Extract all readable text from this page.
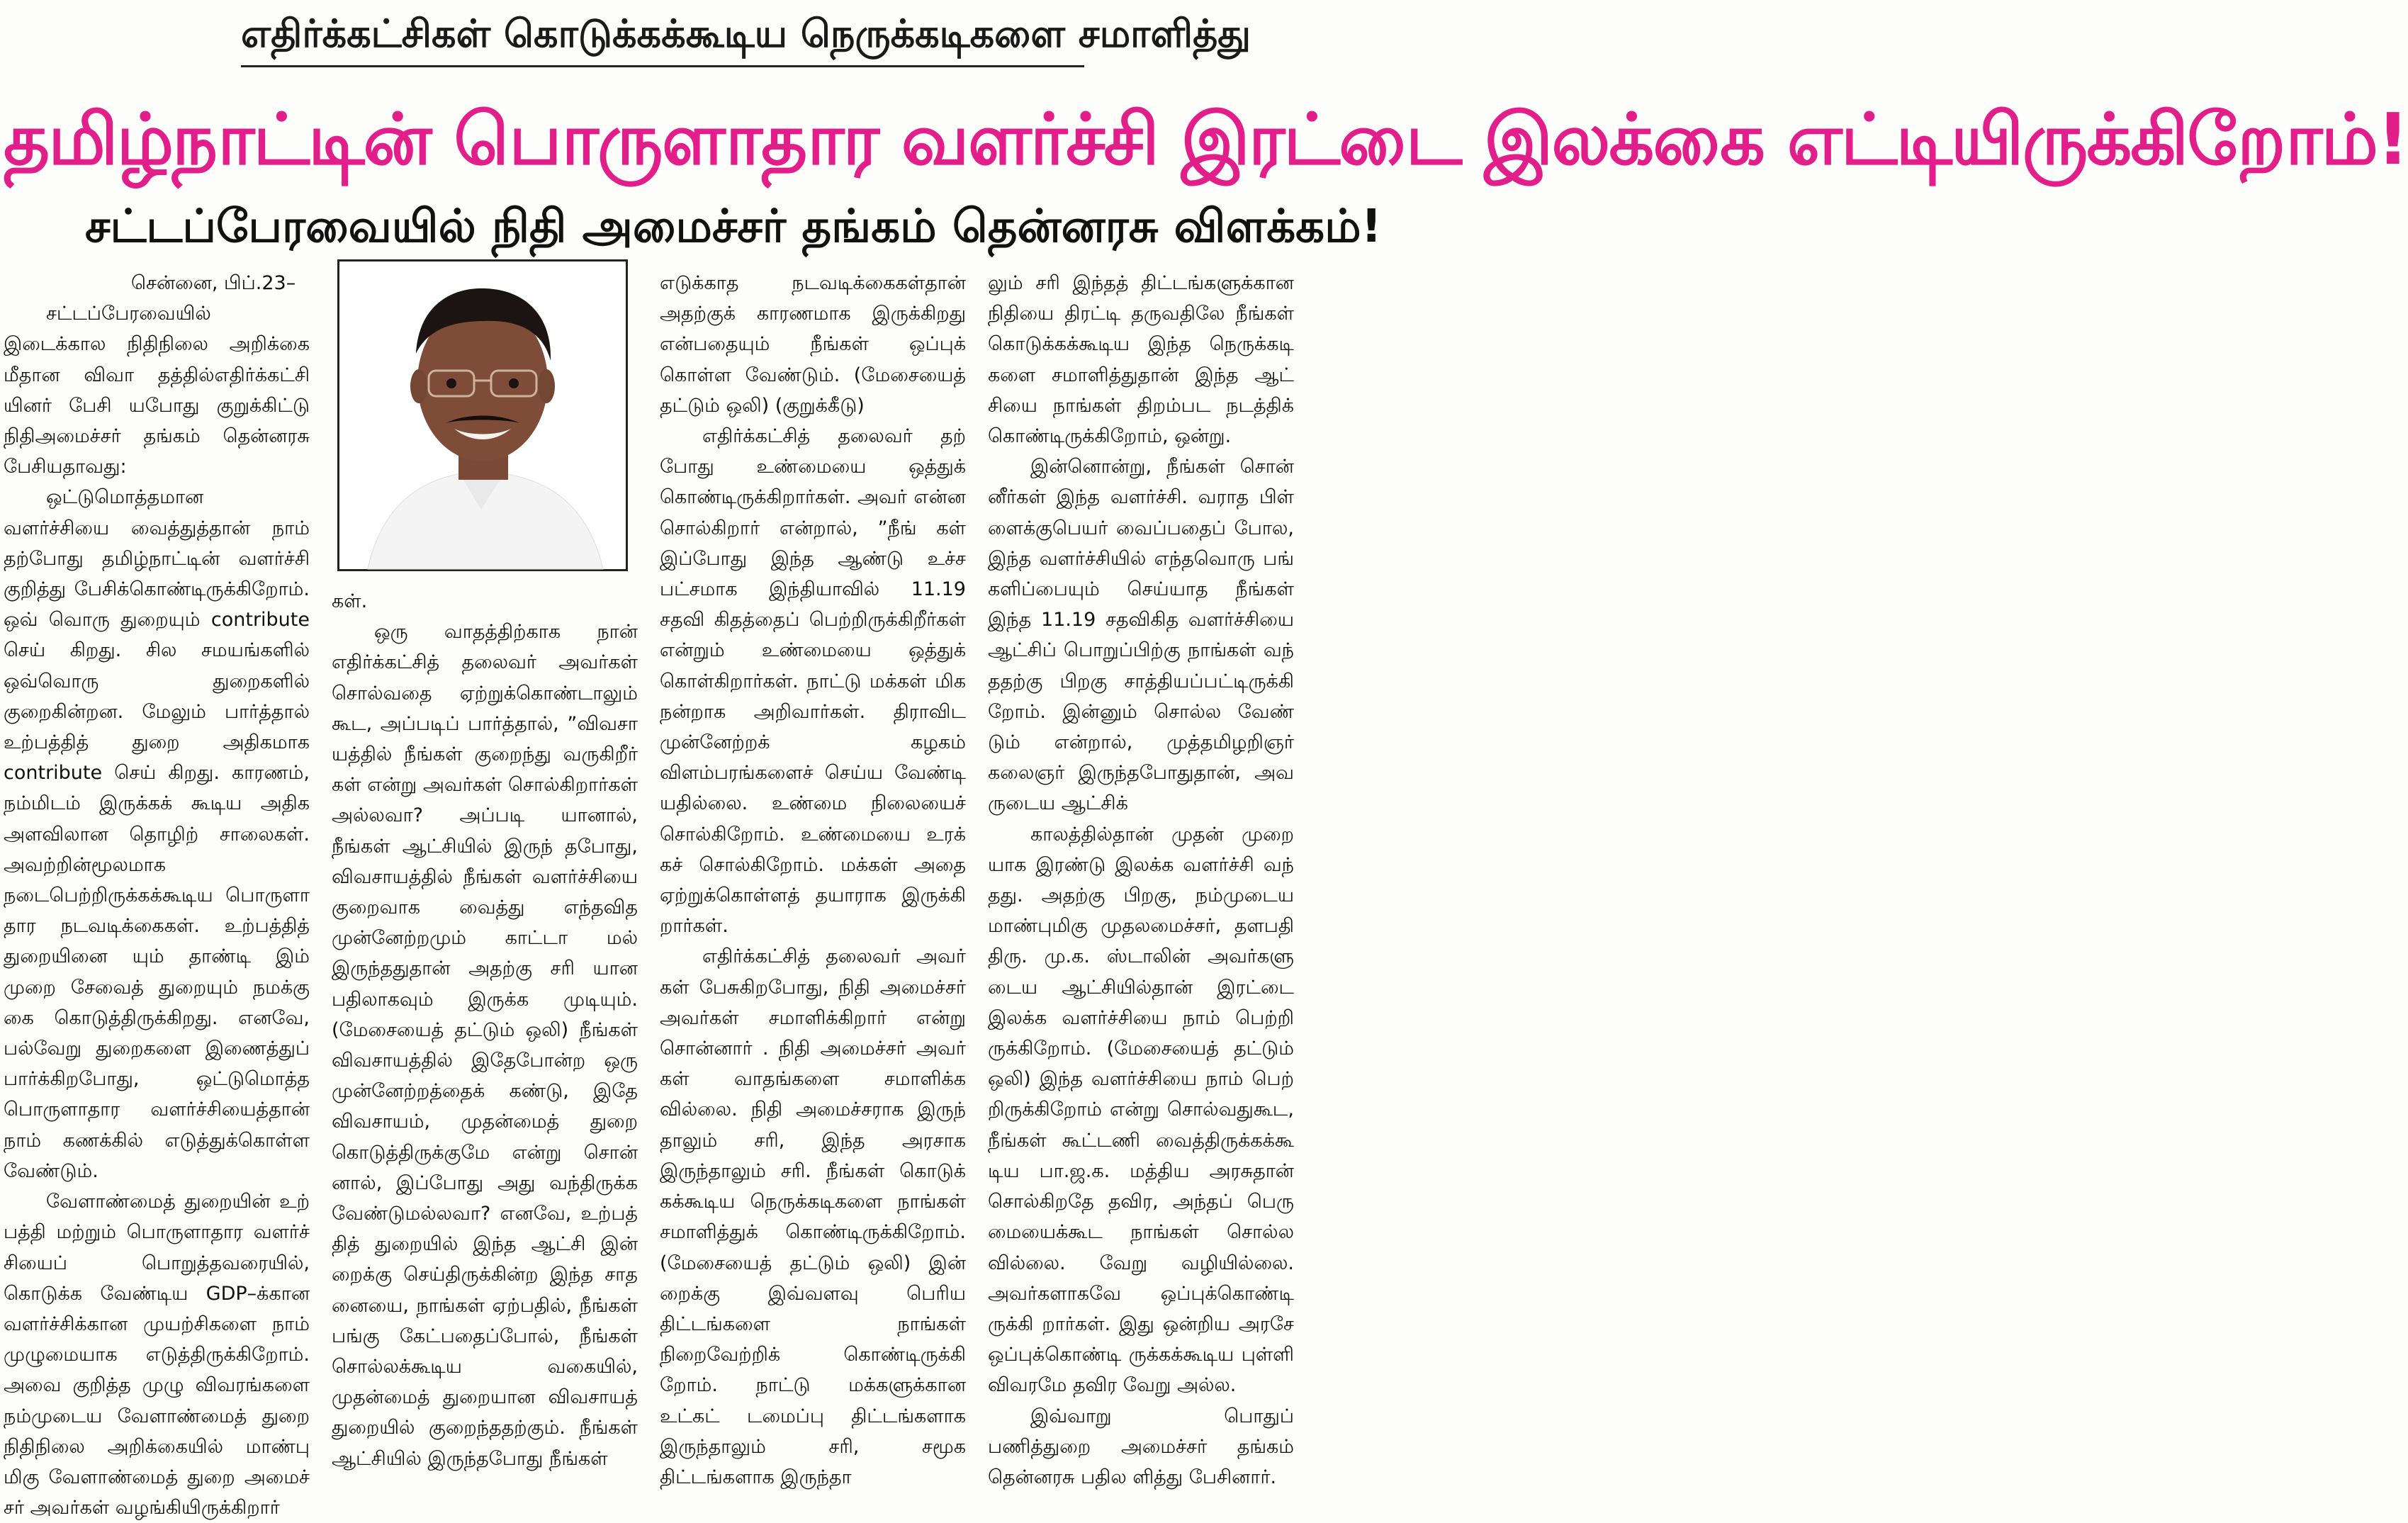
எதிர்க்கட்சிகள் கொடுக்கக்கூடிய நெருக்கடிகளை சமாளித்து
தமிழ்நாட்டின் பொருளாதார வளர்ச்சி இரட்டை இலக்கை எட்டியிருக்கிறோம்!
சட்டப்பேரவையில் நிதி அமைச்சர் தங்கம் தென்னரசு விளக்கம்!

சென்னை, பிப்.23–

சட்டப்பேரவையில் இடைக்கால நிதிநிலை அறிக்கை மீதான விவா தத்தில்எதிர்க்கட்சி யினர் பேசி யபோது குறுக்கிட்டு நிதிஅமைச்சர் தங்கம் தென்னரசு பேசியதாவது:

ஒட்டுமொத்தமான வளர்ச்சியை வைத்துத்தான் நாம் தற்போது தமிழ்நாட்டின் வளர்ச்சி குறித்து பேசிக்கொண்டிருக்கிறோம். ஒவ் வொரு துறையும் contribute செய் கிறது. சில சமயங்களில் ஒவ்வொரு துறைகளில் குறைகின்றன. மேலும் பார்த்தால் உற்பத்தித் துறை அதிகமாக contribute செய் கிறது. காரணம், நம்மிடம் இருக்கக் கூடிய அதிக அளவிலான தொழிற் சாலைகள். அவற்றின்மூலமாக நடைபெற்றிருக்கக்கூடிய பொருளா தார நடவடிக்கைகள். உற்பத்தித் துறையினை யும் தாண்டி இம் முறை சேவைத் துறையும் நமக்கு கை கொடுத்திருக்கிறது. எனவே, பல்வேறு துறைகளை இணைத்துப் பார்க்கிறபோது, ஒட்டுமொத்த பொருளாதார வளர்ச்சியைத்தான் நாம் கணக்கில் எடுத்துக்கொள்ள வேண்டும்.

வேளாண்மைத் துறையின் உற் பத்தி மற்றும் பொருளாதார வளர்ச் சியைப் பொறுத்தவரையில், கொடுக்க வேண்டிய GDP–க்கான வளர்ச்சிக்கான முயற்சிகளை நாம் முழுமையாக எடுத்திருக்கிறோம். அவை குறித்த முழு விவரங்களை நம்முடைய வேளாண்மைத் துறை நிதிநிலை அறிக்கையில் மாண்பு மிகு வேளாண்மைத் துறை அமைச் சர் அவர்கள் வழங்கியிருக்கிறார்

கள்.

ஒரு வாதத்திற்காக நான் எதிர்க்கட்சித் தலைவர் அவர்கள் சொல்வதை ஏற்றுக்கொண்டாலும் கூட, அப்படிப் பார்த்தால், ”விவசா யத்தில் நீங்கள் குறைந்து வருகிறீர் கள் என்று அவர்கள் சொல்கிறார்கள் அல்லவா? அப்படி யானால், நீங்கள் ஆட்சியில் இருந் தபோது, விவசாயத்தில் நீங்கள் வளர்ச்சியை குறைவாக வைத்து எந்தவித முன்னேற்றமும் காட்டா மல் இருந்ததுதான் அதற்கு சரி யான பதிலாகவும் இருக்க முடியும். (மேசையைத் தட்டும் ஒலி) நீங்கள் விவசாயத்தில் இதேபோன்ற ஒரு முன்னேற்றத்தைக் கண்டு, இதே விவசாயம், முதன்மைத் துறை கொடுத்திருக்குமே என்று சொன் னால், இப்போது அது வந்திருக்க வேண்டுமல்லவா? எனவே, உற்பத் தித் துறையில் இந்த ஆட்சி இன் றைக்கு செய்திருக்கின்ற இந்த சாத னையை, நாங்கள் ஏற்பதில், நீங்கள் பங்கு கேட்பதைப்போல், நீங்கள் சொல்லக்கூடிய வகையில், முதன்மைத் துறையான விவசாயத் துறையில் குறைந்ததற்கும். நீங்கள் ஆட்சியில் இருந்தபோது நீங்கள்

எடுக்காத நடவடிக்கைகள்தான் அதற்குக் காரணமாக இருக்கிறது என்பதையும் நீங்கள் ஒப்புக் கொள்ள வேண்டும். (மேசையைத் தட்டும் ஒலி) (குறுக்கீடு)

எதிர்க்கட்சித் தலைவர் தற் போது உண்மையை ஒத்துக் கொண்டிருக்கிறார்கள். அவர் என்ன சொல்கிறார் என்றால், ”நீங் கள் இப்போது இந்த ஆண்டு உச்ச பட்சமாக இந்தியாவில் 11.19 சதவி கிதத்தைப் பெற்றிருக்கிறீர்கள் என்றும் உண்மையை ஒத்துக் கொள்கிறார்கள். நாட்டு மக்கள் மிக நன்றாக அறிவார்கள். திராவிட முன்னேற்றக் கழகம் விளம்பரங்களைச் செய்ய வேண்டி யதில்லை. உண்மை நிலையைச் சொல்கிறோம். உண்மையை உரக் கச் சொல்கிறோம். மக்கள் அதை ஏற்றுக்கொள்ளத் தயாராக இருக்கி றார்கள்.

எதிர்க்கட்சித் தலைவர் அவர் கள் பேசுகிறபோது, நிதி அமைச்சர் அவர்கள் சமாளிக்கிறார் என்று சொன்னார் . நிதி அமைச்சர் அவர் கள் வாதங்களை சமாளிக்க வில்லை. நிதி அமைச்சராக இருந் தாலும் சரி, இந்த அரசாக இருந்தாலும் சரி. நீங்கள் கொடுக் கக்கூடிய நெருக்கடிகளை நாங்கள் சமாளித்துக் கொண்டிருக்கிறோம். (மேசையைத் தட்டும் ஒலி) இன் றைக்கு இவ்வளவு பெரிய திட்டங்களை நாங்கள் நிறைவேற்றிக் கொண்டிருக்கி றோம். நாட்டு மக்களுக்கான உட்கட் டமைப்பு திட்டங்களாக இருந்தாலும் சரி, சமூக திட்டங்களாக இருந்தா

லும் சரி இந்தத் திட்டங்களுக்கான நிதியை திரட்டி தருவதிலே நீங்கள் கொடுக்கக்கூடிய இந்த நெருக்கடி களை சமாளித்துதான் இந்த ஆட் சியை நாங்கள் திறம்பட நடத்திக் கொண்டிருக்கிறோம், ஒன்று.

இன்னொன்று, நீங்கள் சொன் னீர்கள் இந்த வளர்ச்சி. வராத பிள் ளைக்குபெயர் வைப்பதைப் போல, இந்த வளர்ச்சியில் எந்தவொரு பங் களிப்பையும் செய்யாத நீங்கள் இந்த 11.19 சதவிகித வளர்ச்சியை ஆட்சிப் பொறுப்பிற்கு நாங்கள் வந் ததற்கு பிறகு சாத்தியப்பட்டிருக்கி றோம். இன்னும் சொல்ல வேண் டும் என்றால், முத்தமிழறிஞர் கலைஞர் இருந்தபோதுதான், அவ ருடைய ஆட்சிக்

காலத்தில்தான் முதன் முறை யாக இரண்டு இலக்க வளர்ச்சி வந் தது. அதற்கு பிறகு, நம்முடைய மாண்புமிகு முதலமைச்சர், தளபதி திரு. மு.க. ஸ்டாலின் அவர்களு டைய ஆட்சியில்தான் இரட்டை இலக்க வளர்ச்சியை நாம் பெற்றி ருக்கிறோம். (மேசையைத் தட்டும் ஒலி) இந்த வளர்ச்சியை நாம் பெற் றிருக்கிறோம் என்று சொல்வதுகூட, நீங்கள் கூட்டணி வைத்திருக்கக்கூ டிய பா.ஜ.க. மத்திய அரசுதான் சொல்கிறதே தவிர, அந்தப் பெரு மையைக்கூட நாங்கள் சொல்ல வில்லை. வேறு வழியில்லை. அவர்களாகவே ஒப்புக்கொண்டி ருக்கி றார்கள். இது ஒன்றிய அரசே ஒப்புக்கொண்டி ருக்கக்கூடிய புள்ளி விவரமே தவிர வேறு அல்ல.

இவ்வாறு பொதுப் பணித்துறை அமைச்சர் தங்கம் தென்னரசு பதில ளித்து பேசினார்.
